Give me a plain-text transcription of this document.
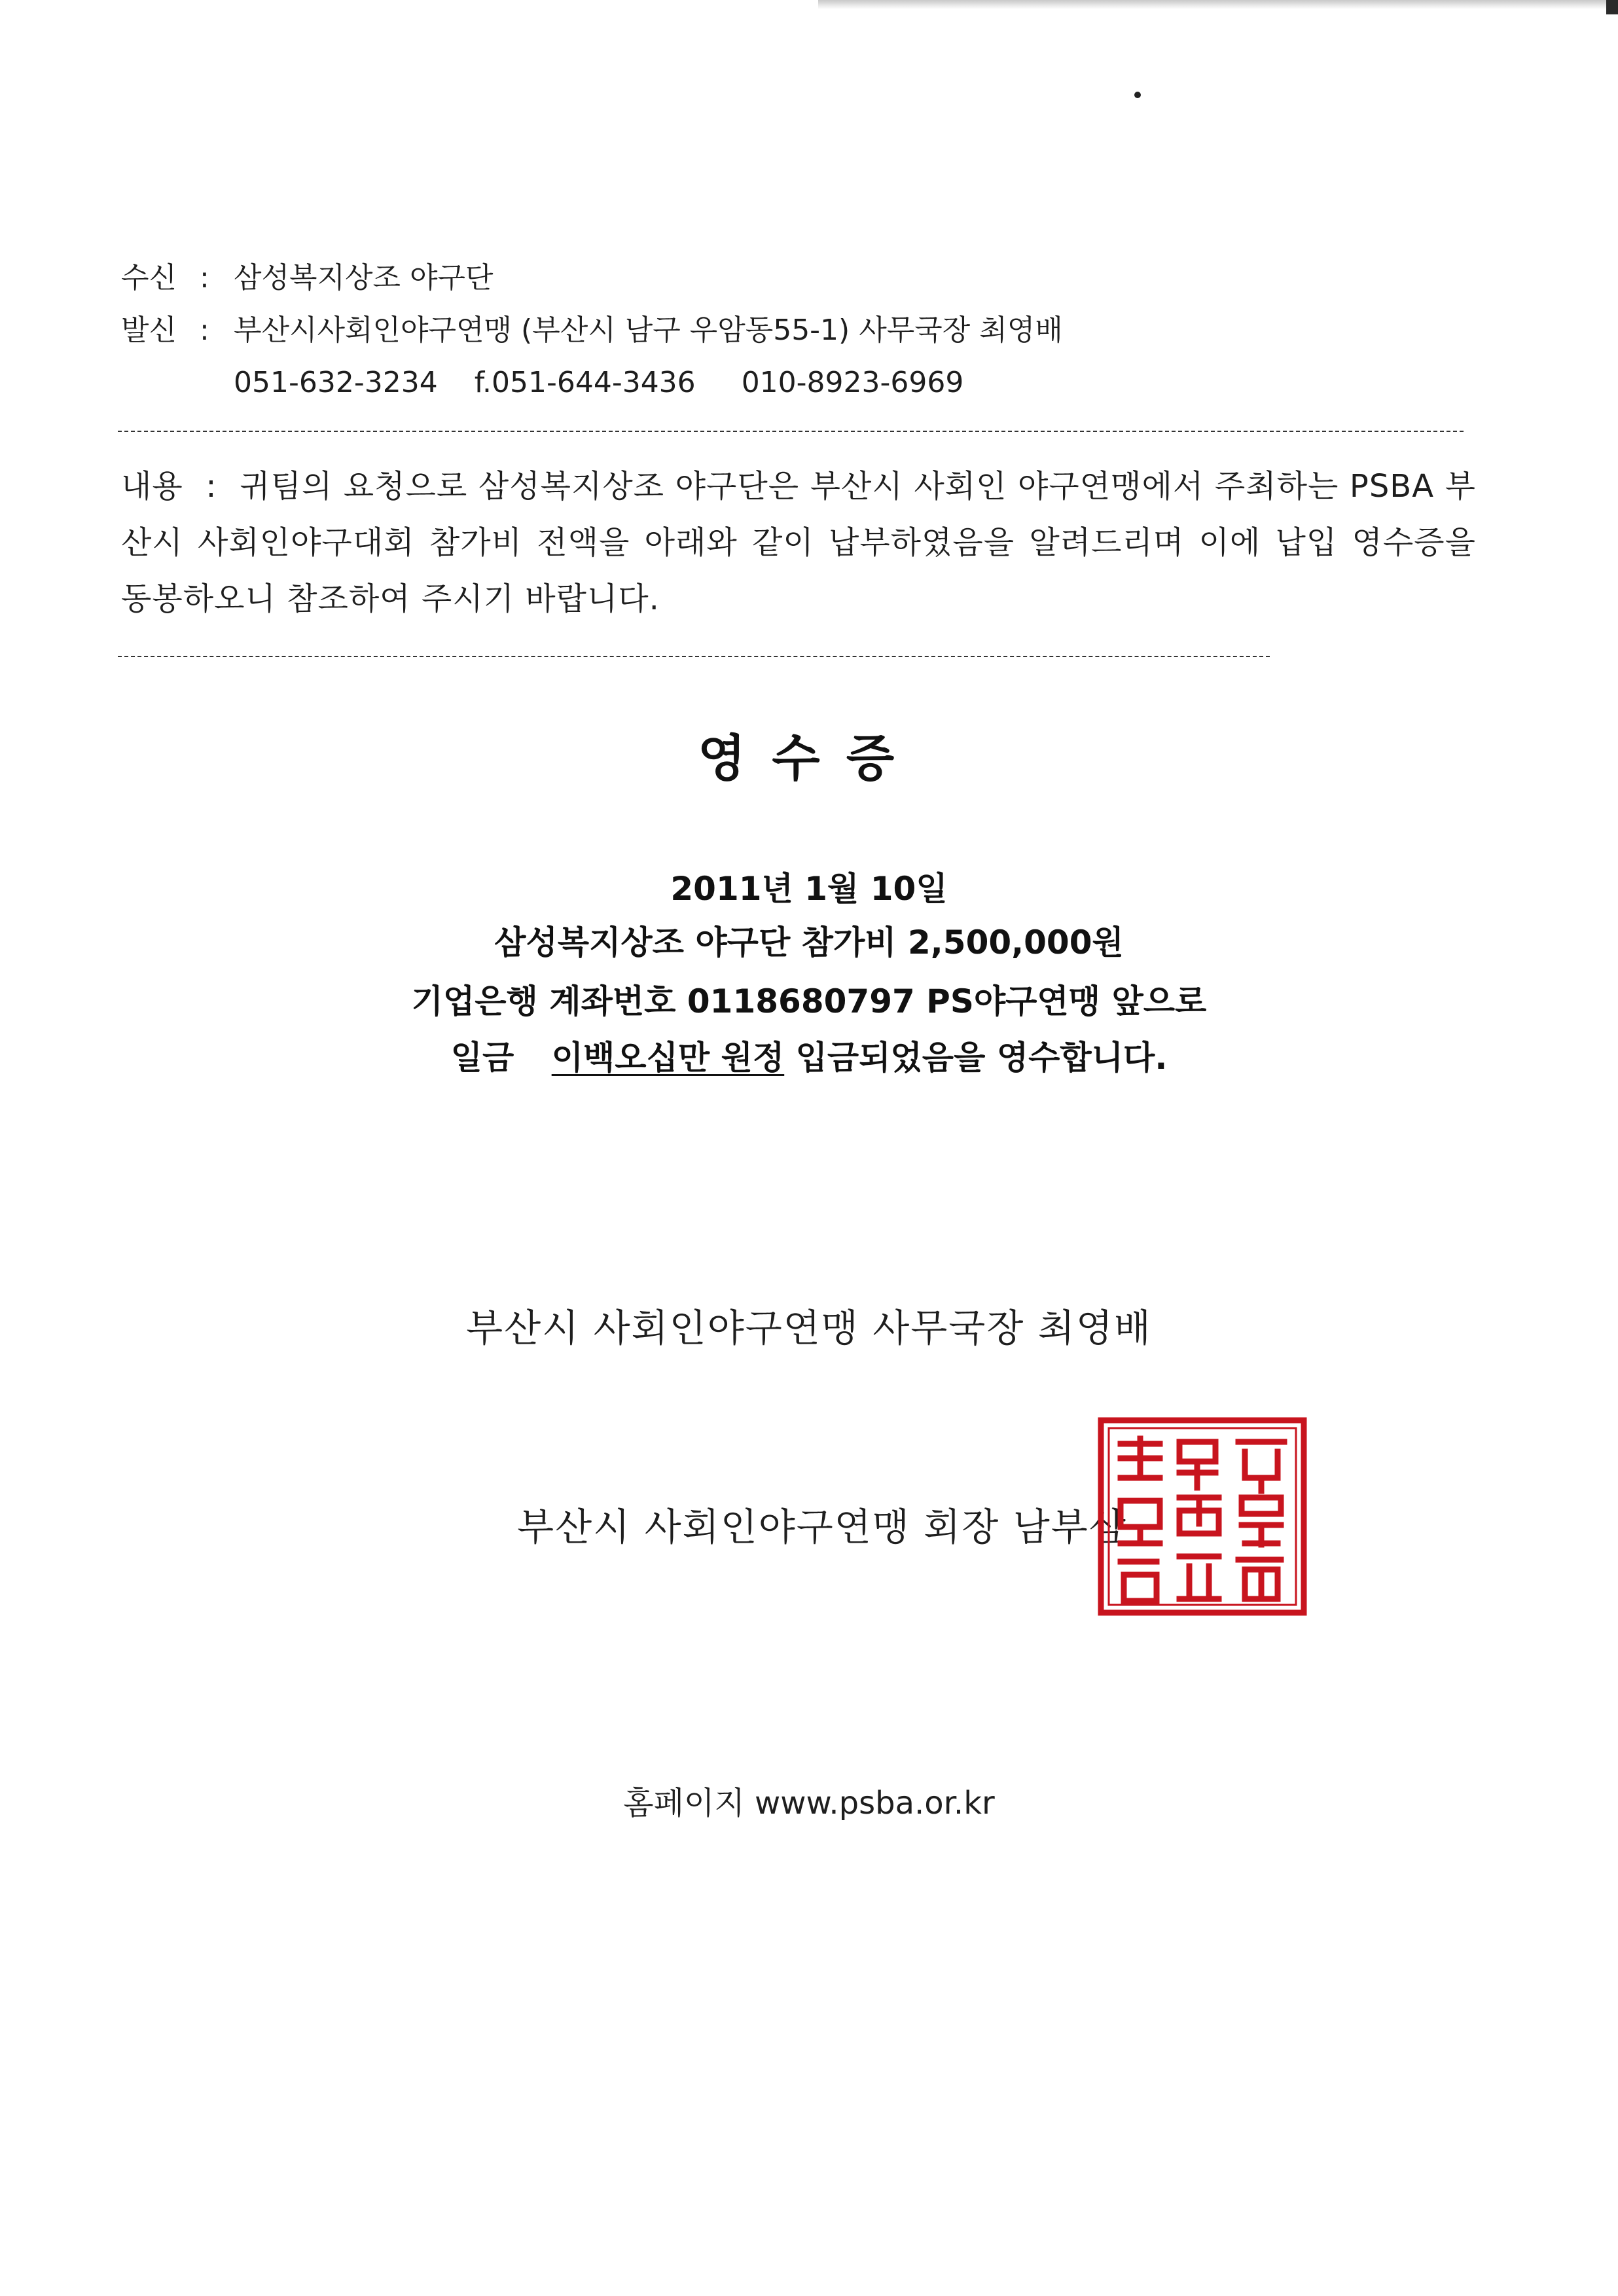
수신 : 삼성복지상조 야구단
발신 : 부산시사회인야구연맹 (부산시 남구 우암동55-1) 사무국장 최영배
051-632-3234 f.051-644-3436 010-8923-6969
내용 : 귀팀의 요청으로 삼성복지상조 야구단은 부산시 사회인 야구연맹에서 주최하는 PSBA 부산시 사회인야구대회 참가비 전액을 아래와 같이 납부하였음을 알려드리며 이에 납입 영수증을 동봉하오니 참조하여 주시기 바랍니다.
영수증
2011년 1월 10일
삼성복지상조 야구단 참가비 2,500,000원
기업은행 계좌번호 0118680797 PS야구연맹 앞으로
일금 이백오십만 원정 입금되었음을 영수합니다.
부산시 사회인야구연맹 사무국장 최영배
부산시 사회인야구연맹 회장 남부삼
홈페이지 www.psba.or.kr
